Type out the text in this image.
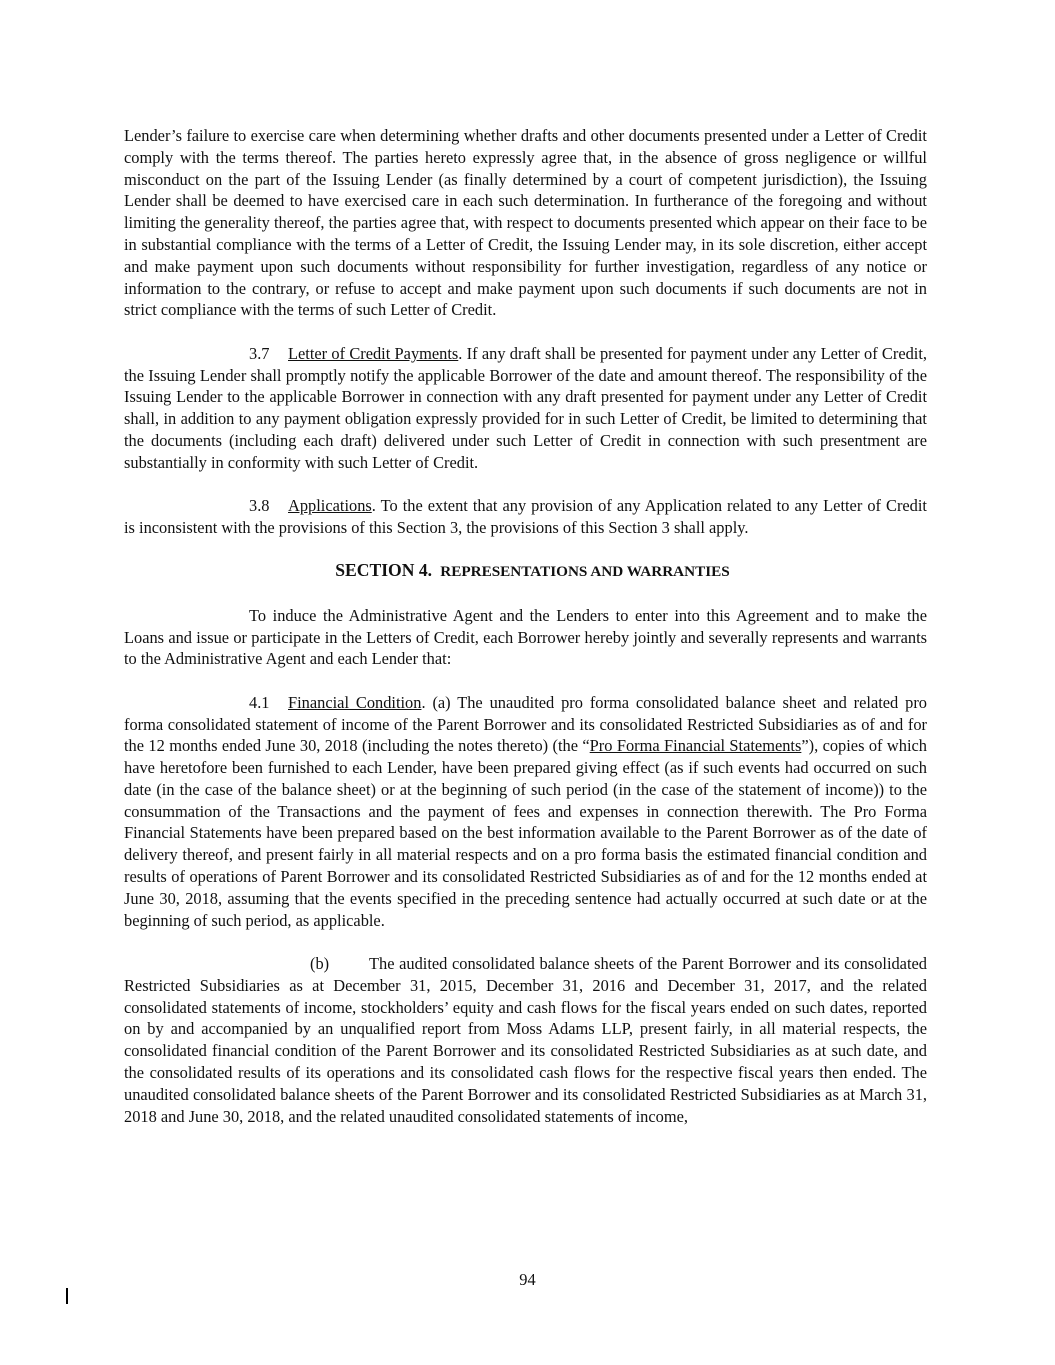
Lender’s failure to exercise care when determining whether drafts and other documents presented under a Letter of Credit comply with the terms thereof. The parties hereto expressly agree that, in the absence of gross negligence or willful misconduct on the part of the Issuing Lender (as finally determined by a court of competent jurisdiction), the Issuing Lender shall be deemed to have exercised care in each such determination. In furtherance of the foregoing and without limiting the generality thereof, the parties agree that, with respect to documents presented which appear on their face to be in substantial compliance with the terms of a Letter of Credit, the Issuing Lender may, in its sole discretion, either accept and make payment upon such documents without responsibility for further investigation, regardless of any notice or information to the contrary, or refuse to accept and make payment upon such documents if such documents are not in strict compliance with the terms of such Letter of Credit.

3.7 Letter of Credit Payments. If any draft shall be presented for payment under any Letter of Credit, the Issuing Lender shall promptly notify the applicable Borrower of the date and amount thereof. The responsibility of the Issuing Lender to the applicable Borrower in connection with any draft presented for payment under any Letter of Credit shall, in addition to any payment obligation expressly provided for in such Letter of Credit, be limited to determining that the documents (including each draft) delivered under such Letter of Credit in connection with such presentment are substantially in conformity with such Letter of Credit.

3.8 Applications. To the extent that any provision of any Application related to any Letter of Credit is inconsistent with the provisions of this Section 3, the provisions of this Section 3 shall apply.

SECTION 4. REPRESENTATIONS AND WARRANTIES

To induce the Administrative Agent and the Lenders to enter into this Agreement and to make the Loans and issue or participate in the Letters of Credit, each Borrower hereby jointly and severally represents and warrants to the Administrative Agent and each Lender that:

4.1 Financial Condition. (a) The unaudited pro forma consolidated balance sheet and related pro forma consolidated statement of income of the Parent Borrower and its consolidated Restricted Subsidiaries as of and for the 12 months ended June 30, 2018 (including the notes thereto) (the “Pro Forma Financial Statements”), copies of which have heretofore been furnished to each Lender, have been prepared giving effect (as if such events had occurred on such date (in the case of the balance sheet) or at the beginning of such period (in the case of the statement of income)) to the consummation of the Transactions and the payment of fees and expenses in connection therewith. The Pro Forma Financial Statements have been prepared based on the best information available to the Parent Borrower as of the date of delivery thereof, and present fairly in all material respects and on a pro forma basis the estimated financial condition and results of operations of Parent Borrower and its consolidated Restricted Subsidiaries as of and for the 12 months ended at June 30, 2018, assuming that the events specified in the preceding sentence had actually occurred at such date or at the beginning of such period, as applicable.

(b) The audited consolidated balance sheets of the Parent Borrower and its consolidated Restricted Subsidiaries as at December 31, 2015, December 31, 2016 and December 31, 2017, and the related consolidated statements of income, stockholders’ equity and cash flows for the fiscal years ended on such dates, reported on by and accompanied by an unqualified report from Moss Adams LLP, present fairly, in all material respects, the consolidated financial condition of the Parent Borrower and its consolidated Restricted Subsidiaries as at such date, and the consolidated results of its operations and its consolidated cash flows for the respective fiscal years then ended. The unaudited consolidated balance sheets of the Parent Borrower and its consolidated Restricted Subsidiaries as at March 31, 2018 and June 30, 2018, and the related unaudited consolidated statements of income,

94
